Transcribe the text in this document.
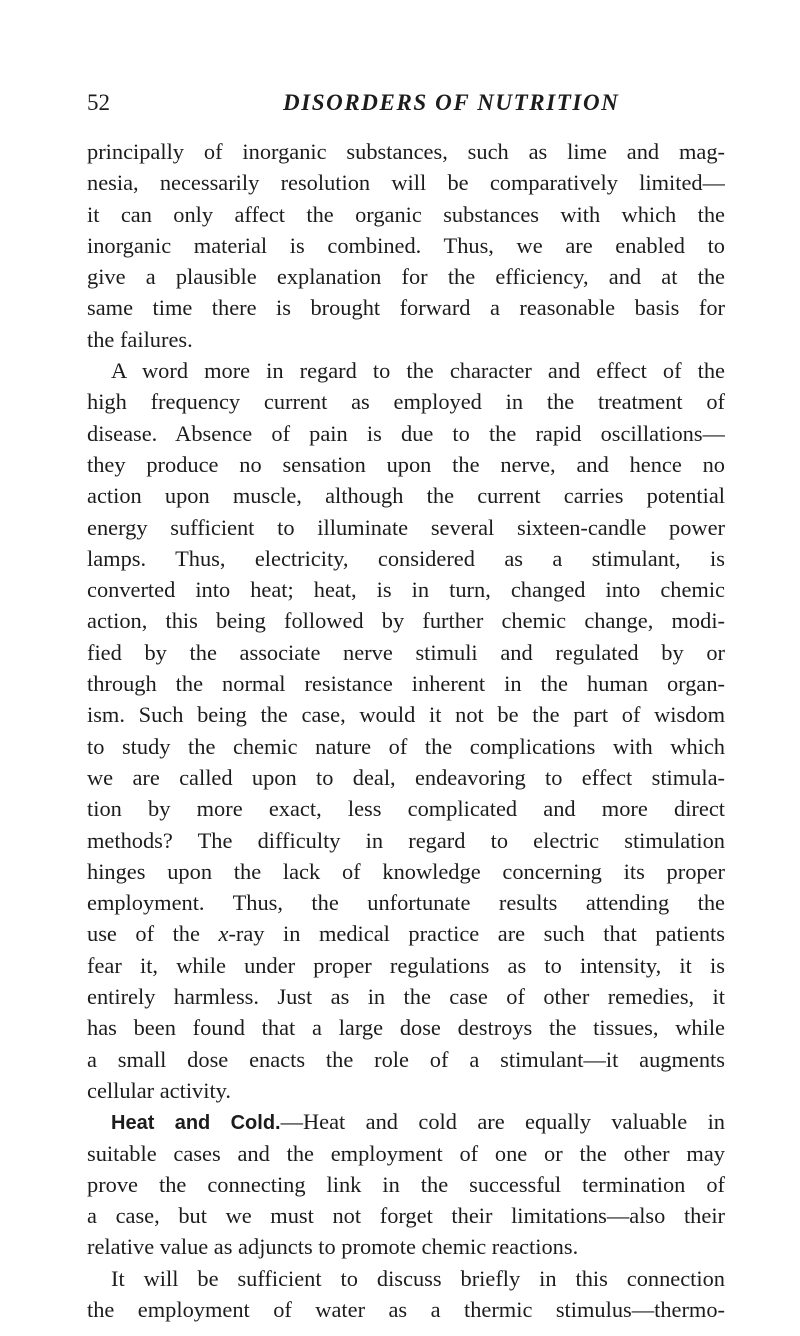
52	DISORDERS OF NUTRITION
principally of inorganic substances, such as lime and mag-
nesia, necessarily resolution will be comparatively limited—
it can only affect the organic substances with which the
inorganic material is combined. Thus, we are enabled to
give a plausible explanation for the efficiency, and at the
same time there is brought forward a reasonable basis for
the failures.
A word more in regard to the character and effect of the
high frequency current as employed in the treatment of
disease. Absence of pain is due to the rapid oscillations—
they produce no sensation upon the nerve, and hence no
action upon muscle, although the current carries potential
energy sufficient to illuminate several sixteen-candle power
lamps. Thus, electricity, considered as a stimulant, is
converted into heat; heat, is in turn, changed into chemic
action, this being followed by further chemic change, modi-
fied by the associate nerve stimuli and regulated by or
through the normal resistance inherent in the human organ-
ism. Such being the case, would it not be the part of wisdom
to study the chemic nature of the complications with which
we are called upon to deal, endeavoring to effect stimula-
tion by more exact, less complicated and more direct
methods? The difficulty in regard to electric stimulation
hinges upon the lack of knowledge concerning its proper
employment. Thus, the unfortunate results attending the
use of the x-ray in medical practice are such that patients
fear it, while under proper regulations as to intensity, it is
entirely harmless. Just as in the case of other remedies, it
has been found that a large dose destroys the tissues, while
a small dose enacts the role of a stimulant—it augments
cellular activity.
Heat and Cold.—Heat and cold are equally valuable in
suitable cases and the employment of one or the other may
prove the connecting link in the successful termination of
a case, but we must not forget their limitations—also their
relative value as adjuncts to promote chemic reactions.
It will be sufficient to discuss briefly in this connection
the employment of water as a thermic stimulus—thermo-
